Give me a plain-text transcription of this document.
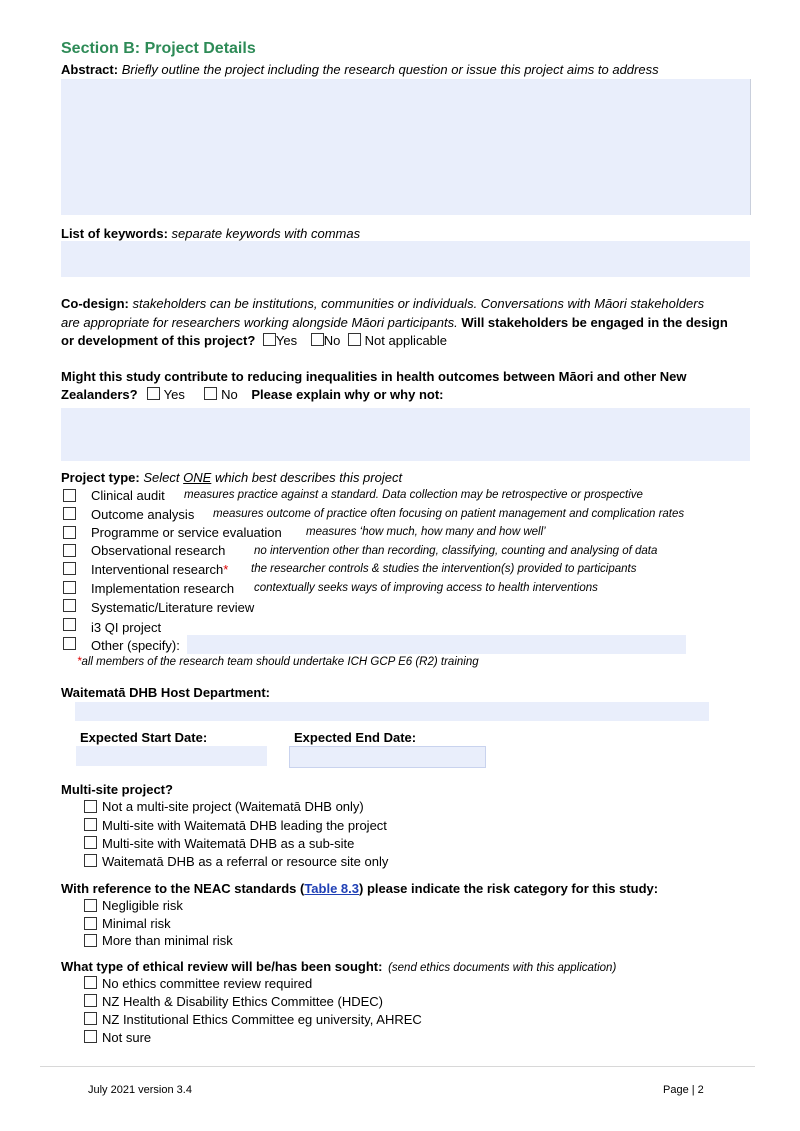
Section B: Project Details
Abstract: Briefly outline the project including the research question or issue this project aims to address
List of keywords: separate keywords with commas
Co-design: stakeholders can be institutions, communities or individuals. Conversations with Māori stakeholders
are appropriate for researchers working alongside Māori participants. Will stakeholders be engaged in the design
or development of this project? Yes No Not applicable
Might this study contribute to reducing inequalities in health outcomes between Māori and other New
Zealanders? Yes	No Please explain why or why not:
Project type: Select ONE which best describes this project
Clinical audit measures practice against a standard. Data collection may be retrospective or prospective
Outcome analysis measures outcome of practice often focusing on patient management and complication rates
Programme or service evaluation measures ‘how much, how many and how well’
Observational research no intervention other than recording, classifying, counting and analysing of data
Interventional research* the researcher controls & studies the intervention(s) provided to participants
Implementation research contextually seeks ways of improving access to health interventions
Systematic/Literature review
i3 QI project
Other (specify):
*all members of the research team should undertake ICH GCP E6 (R2) training
Waitematā DHB Host Department:
Expected Start Date:	Expected End Date:
Multi-site project?
Not a multi-site project (Waitematā DHB only)
Multi-site with Waitematā DHB leading the project
Multi-site with Waitematā DHB as a sub-site
Waitematā DHB as a referral or resource site only
With reference to the NEAC standards (Table 8.3) please indicate the risk category for this study:
Negligible risk
Minimal risk
More than minimal risk
What type of ethical review will be/has been sought: (send ethics documents with this application)
No ethics committee review required
NZ Health & Disability Ethics Committee (HDEC)
NZ Institutional Ethics Committee eg university, AHREC
Not sure
July 2021 version 3.4	Page | 2
